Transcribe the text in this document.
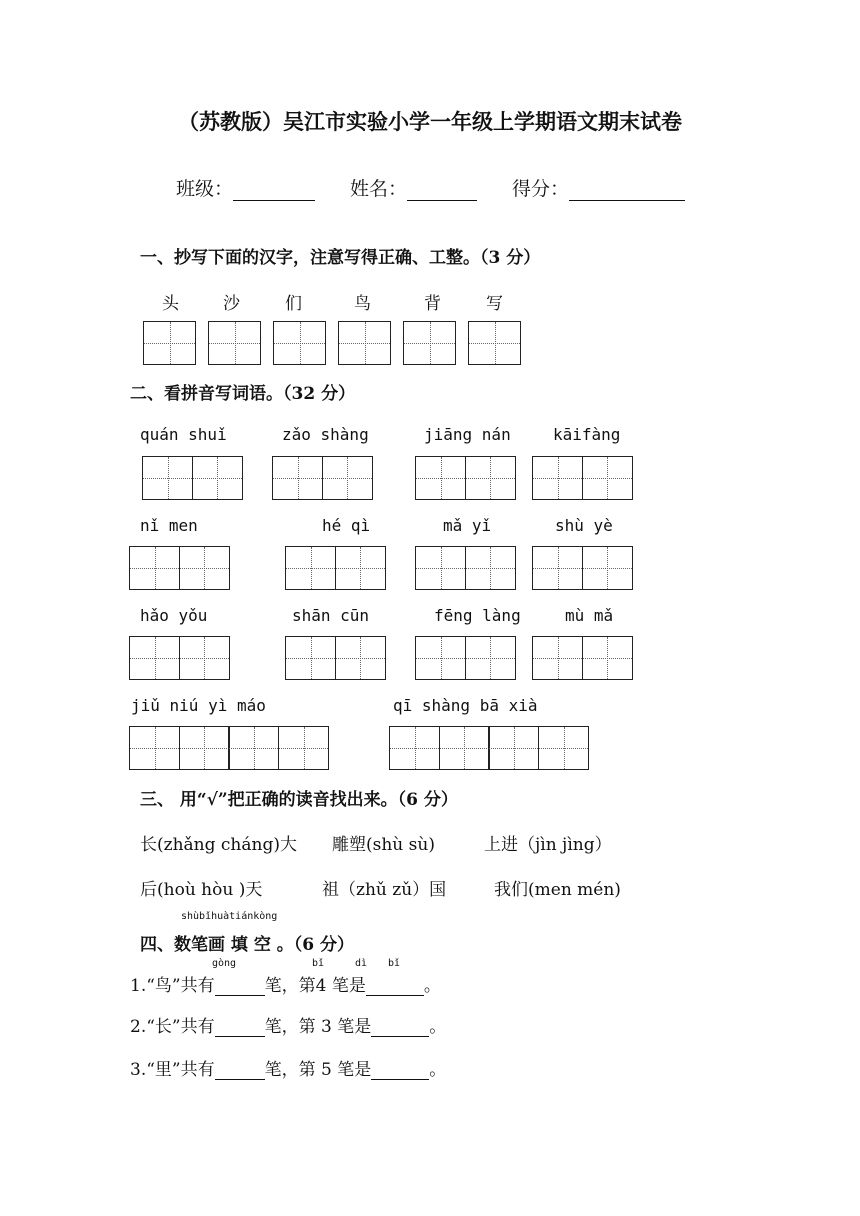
（苏教版）吴江市实验小学一年级上学期语文期末试卷
班级：	姓名：	得分：
一、抄写下面的汉字，注意写得正确、工整。（3 分）
头	沙	们	鸟	背	写
二、看拼音写词语。（32 分）
quán shuǐ	zǎo shàng	jiāng nán	kāifàng
nǐ men	hé qì	mǎ yǐ	shù yè
hǎo yǒu	shān cūn	fēng làng	mù mǎ
jiǔ niú yì máo	qī shàng bā xià
三、 用“√”把正确的读音找出来。（6 分）
长(zhǎng cháng)大 雕塑(shù sù)	上进（jìn jìng）
后(hoù hòu )天	祖（zhǔ zǔ）国	我们(men mén)
shùbǐhuàtiánkòng
四、数笔画 填 空 。（6 分）
gòng	bǐ	dì bǐ
1.“鸟”共有	笔，第4 笔是	。
2.“长”共有	笔，第 3 笔是	。
3.“里”共有	笔，第 5 笔是	。
